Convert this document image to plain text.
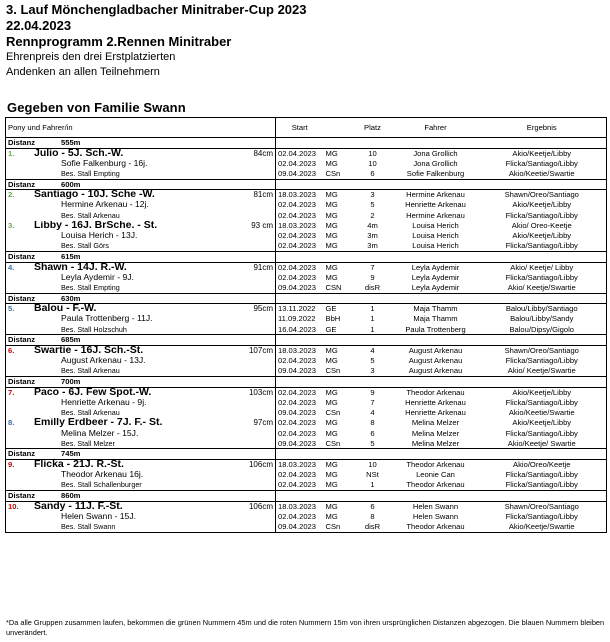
3. Lauf Mönchengladbacher Minitraber-Cup 2023
22.04.2023
Rennprogramm 2.Rennen Minitraber
Ehrenpreis den drei Erstplatzierten
Andenken an allen Teilnehmern
Gegeben von Familie Swann
Pony und Fahrer/in	Start		Platz	Fahrer	Ergebnis
Distanz 555m					

1. Julio - 5J. Sch.-W. 84cm	02.04.2023	MG	10	Jona Grollich	Akio/Keetje/Libby

Sofie Falkenburg - 16j.	02.04.2023	MG	10	Jona Grollich	Flicka/Santiago/Libby

Bes. Stall Empting	09.04.2023	CSn	6	Sofie Falkenburg	Akio/Keetie/Swartie
Distanz 600m					

2. Santiago - 10J. Sche -W. 81cm	18.03.2023	MG	3	Hermine Arkenau	Shawn/Oreo/Santiago

Hermine Arkenau - 12j.	02.04.2023	MG	5	Henriette Arkenau	Akio/Keetje/Libby

Bes. Stall Arkenau	02.04.2023	MG	2	Hermine Arkenau	Flicka/Santiago/Libby

3. Libby - 16J. BrSche. - St. 93 cm	18.03.2023	MG	4m	Louisa Herich	Akio/ Oreo-Keetje

Louisa Herich - 13J.	02.04.2023	MG	3m	Louisa Herich	Akio/Keetje/Libby

Bes. Stall Görs	02.04.2023	MG	3m	Louisa Herich	Flicka/Santiago/Libby
Distanz 615m					

4. Shawn - 14J. R.-W. 91cm	02.04.2023	MG	7	Leyla Aydemir	Akio/ Keetje/ Libby

Leyla Aydemir - 9J.	02.04.2023	MG	9	Leyla Aydemir	Flicka/Santiago/Libby

Bes. Stall Empting	09.04.2023	CSN	disR	Leyla Aydemir	Akio/ Keetje/Swartie
Distanz 630m					

5. Balou - F.-W. 95cm	13.11.2022	GE	1	Maja Thamm	Balou/Libby/Santiago

Paula Trottenberg - 11J.	11.09.2022	BbH	1	Maja Thamm	Balou/Libby/Sandy

Bes. Stall Holzschuh	16.04.2023	GE	1	Paula Trottenberg	Balou/Dipsy/Gigolo
Distanz 685m					

6. Swartie - 16J. Sch.-St. 107cm	18.03.2023	MG	4	August Arkenau	Shawn/Oreo/Santiago

August Arkenau - 13J.	02.04.2023	MG	5	August Arkenau	Flicka/Santiago/Libby

Bes. Stall Arkenau	09.04.2023	CSn	3	August Arkenau	Akio/ Keetje/Swartie
Distanz 700m					

7. Paco - 6J. Few Spot.-W. 103cm	02.04.2023	MG	9	Theodor Arkenau	Akio/Keetje/Libby

Henriette Arkenau - 9j.	02.04.2023	MG	7	Henriette Arkenau	Flicka/Santiago/Libby

Bes. Stall Arkenau	09.04.2023	CSn	4	Henriette Arkenau	Akio/Keetie/Swartie

8. Emilly Erdbeer - 7J. F.- St. 97cm	02.04.2023	MG	8	Melina Melzer	Akio/Keetje/Libby

Melina Melzer - 15J.	02.04.2023	MG	6	Melina Melzer	Flicka/Santiago/Libby

Bes. Stall Melzer	09.04.2023	CSn	5	Melina Melzer	Akio/Keetje/ Swartie
Distanz 745m					

9. Flicka - 21J. R.-St. 106cm	18.03.2023	MG	10	Theodor Arkenau	Akio/Oreo/Keetje

Theodor Arkenau 16j.	02.04.2023	MG	NSt	Leonie Can	Flicka/Santiago/Libby

Bes. Stall Schallenburger	02.04.2023	MG	1	Theodor Arkenau	Flicka/Santiago/Libby
Distanz 860m					

10. Sandy - 11J. F.-St. 106cm	18.03.2023	MG	6	Helen Swann	Shawn/Oreo/Santiago

Helen Swann - 15J.	02.04.2023	MG	8	Helen Swann	Flicka/Santiago/Libby

Bes. Stall Swann	09.04.2023	CSn	disR	Theodor Arkenau	Akio/Keetje/Swartie
*Da alle Gruppen zusammen laufen, bekommen die grünen Nummern 45m und die roten Nummern 15m von ihren ursprünglichen Distanzen abgezogen. Die blauen Nummern bleiben unverändert.
